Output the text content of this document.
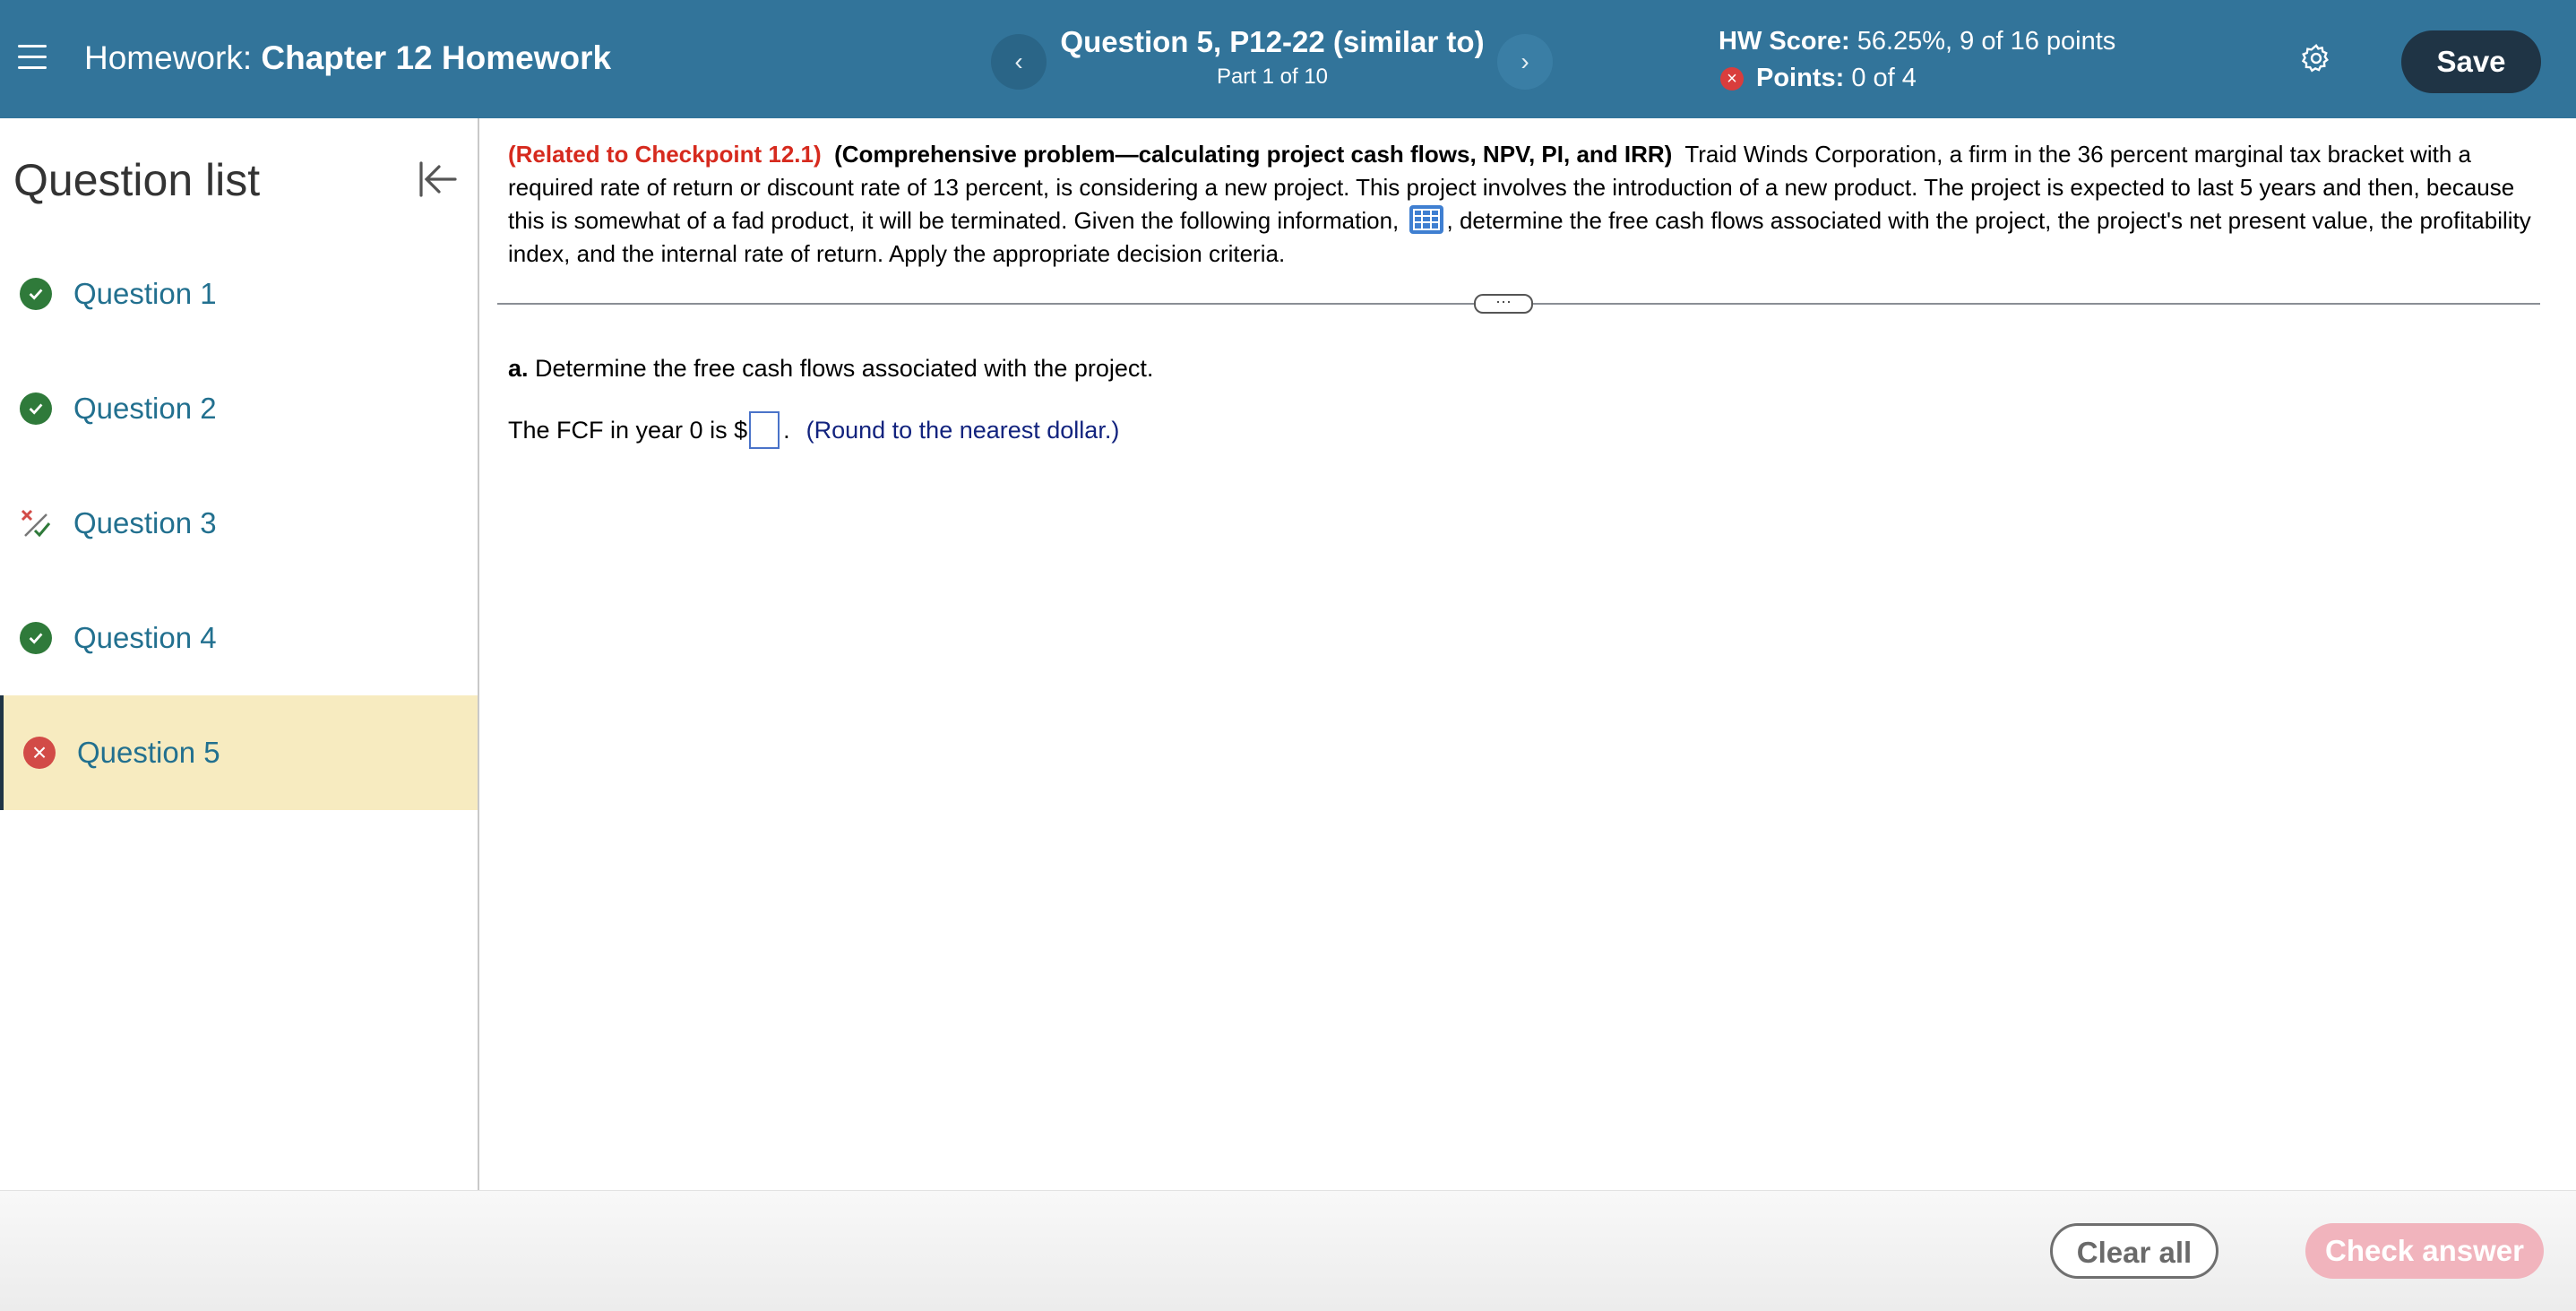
Homework: Chapter 12 Homework	‹
Question 5, P12-22 (similar to)
Part 1 of 10
›
HW Score: 56.25%, 9 of 16 points
× Points:
0 of 4	Save
Question list
Question 1
Question 2
Question 3
Question 4
× Question 5
(Related to Checkpoint 12.1) (Comprehensive problem—calculating project cash flows, NPV, PI, and IRR) Traid Winds Corporation, a firm in the 36 percent marginal tax bracket with a required rate of return or discount rate of 13 percent, is considering a new project. This project involves the introduction of a new product. The project is expected to last 5 years and then, because this is somewhat of a fad product, it will be terminated. Given the following information, , determine the free cash flows associated with the project, the project's net present value, the profitability index, and the internal rate of return. Apply the appropriate decision criteria.
···
a. Determine the free cash flows associated with the project.
The FCF in year 0 is $ . (Round to the nearest dollar.)
Clear all	Check answer
